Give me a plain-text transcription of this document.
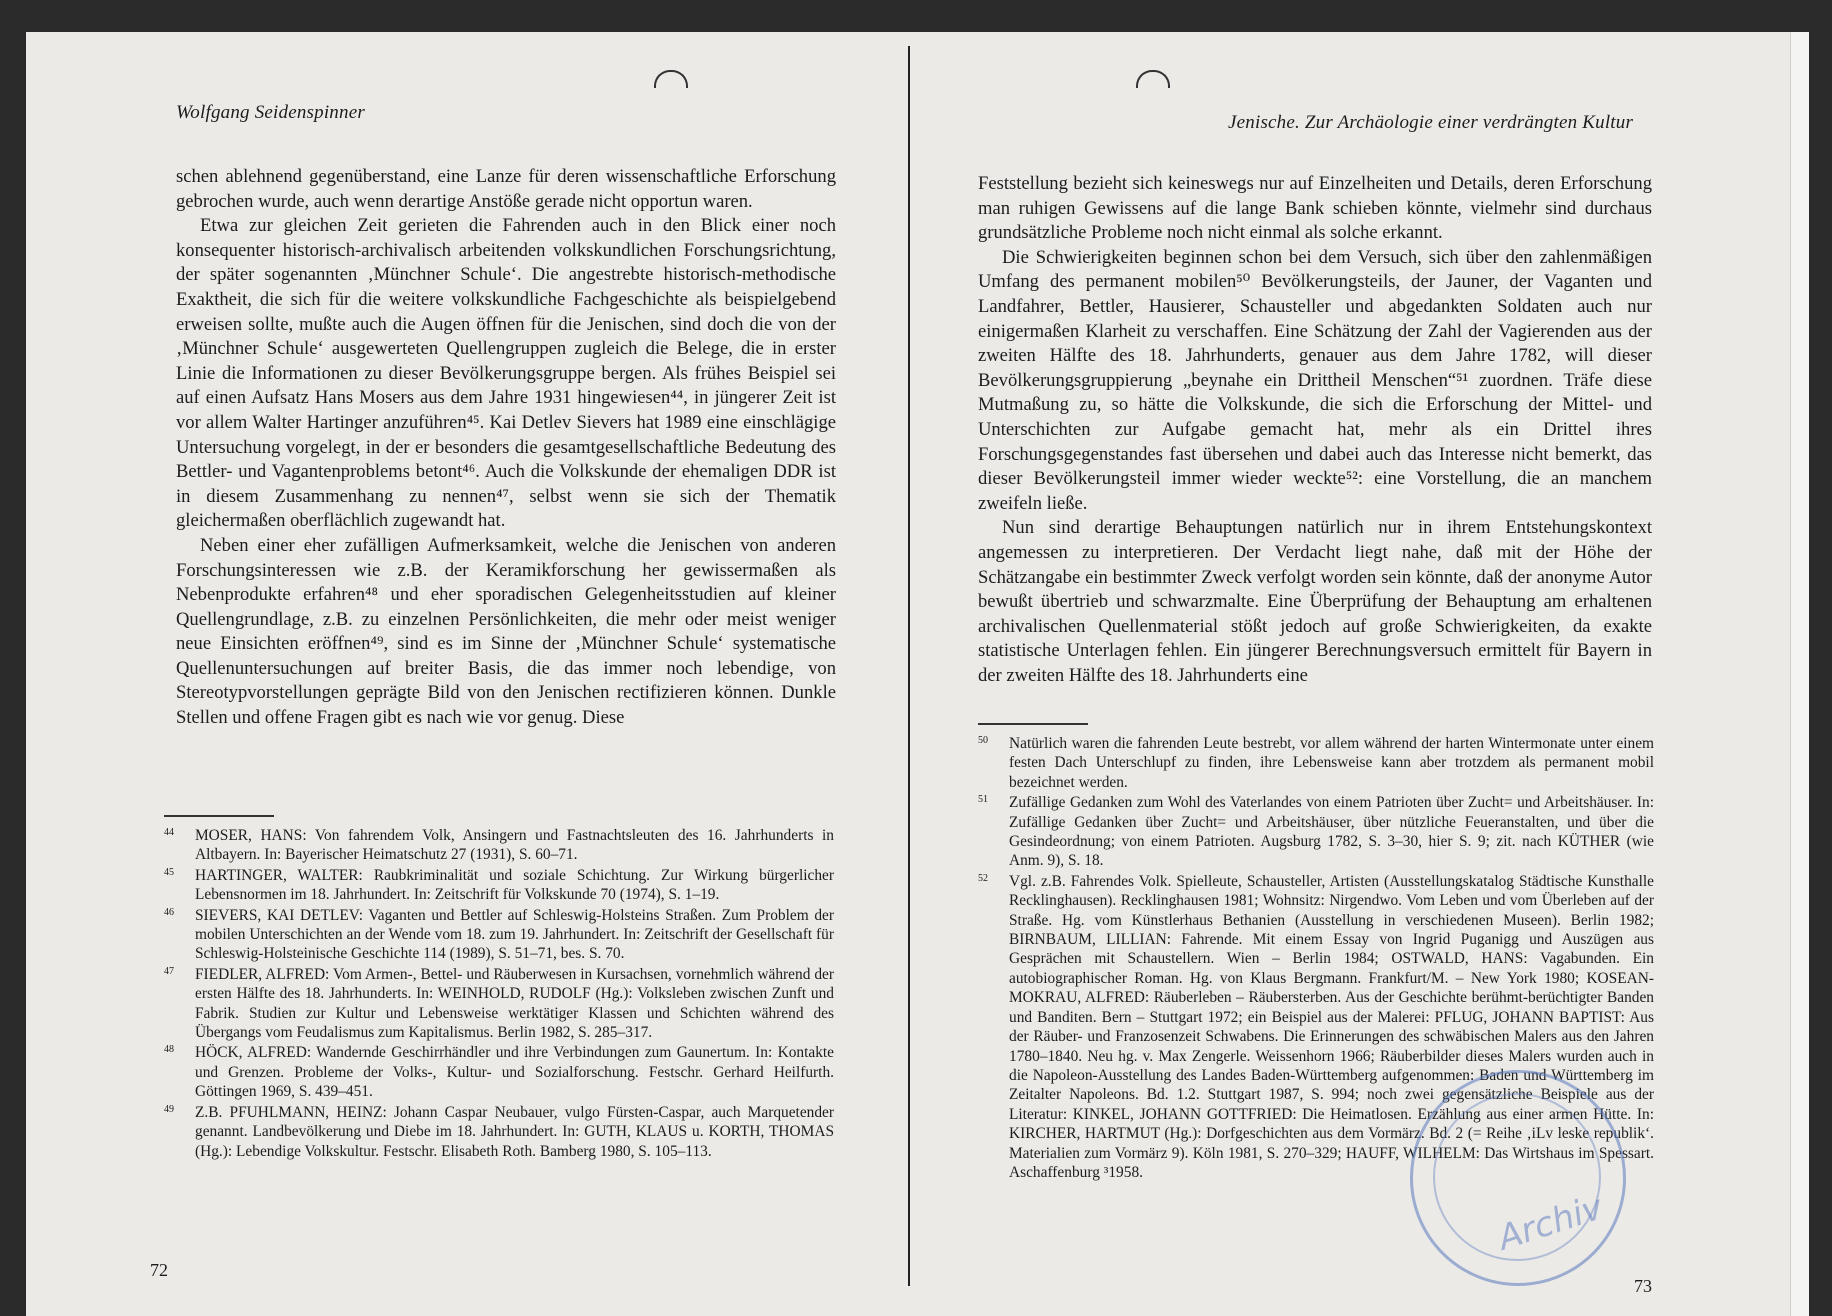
Wolfgang Seidenspinner

schen ablehnend gegenüberstand, eine Lanze für deren wissenschaftliche Erforschung gebrochen wurde, auch wenn derartige Anstöße gerade nicht opportun waren.

Etwa zur gleichen Zeit gerieten die Fahrenden auch in den Blick einer noch konsequenter historisch-archivalisch arbeitenden volkskundlichen Forschungsrichtung, der später sogenannten ‚Münchner Schule‘. Die angestrebte historisch-methodische Exaktheit, die sich für die weitere volkskundliche Fachgeschichte als beispielgebend erweisen sollte, mußte auch die Augen öffnen für die Jenischen, sind doch die von der ‚Münchner Schule‘ ausgewerteten Quellengruppen zugleich die Belege, die in erster Linie die Informationen zu dieser Bevölkerungsgruppe bergen. Als frühes Beispiel sei auf einen Aufsatz Hans Mosers aus dem Jahre 1931 hingewiesen⁴⁴, in jüngerer Zeit ist vor allem Walter Hartinger anzuführen⁴⁵. Kai Detlev Sievers hat 1989 eine einschlägige Untersuchung vorgelegt, in der er besonders die gesamtgesellschaftliche Bedeutung des Bettler- und Vagantenproblems betont⁴⁶. Auch die Volkskunde der ehemaligen DDR ist in diesem Zusammenhang zu nennen⁴⁷, selbst wenn sie sich der Thematik gleichermaßen oberflächlich zugewandt hat.

Neben einer eher zufälligen Aufmerksamkeit, welche die Jenischen von anderen Forschungsinteressen wie z.B. der Keramikforschung her gewissermaßen als Nebenprodukte erfahren⁴⁸ und eher sporadischen Gelegenheitsstudien auf kleiner Quellengrundlage, z.B. zu einzelnen Persönlichkeiten, die mehr oder meist weniger neue Einsichten eröffnen⁴⁹, sind es im Sinne der ‚Münchner Schule‘ systematische Quellenuntersuchungen auf breiter Basis, die das immer noch lebendige, von Stereotypvorstellungen geprägte Bild von den Jenischen rectifizieren können. Dunkle Stellen und offene Fragen gibt es nach wie vor genug. Diese

44 MOSER, HANS: Von fahrendem Volk, Ansingern und Fastnachtsleuten des 16. Jahrhunderts in Altbayern. In: Bayerischer Heimatschutz 27 (1931), S. 60–71.
45 HARTINGER, WALTER: Raubkriminalität und soziale Schichtung. Zur Wirkung bürgerlicher Lebensnormen im 18. Jahrhundert. In: Zeitschrift für Volkskunde 70 (1974), S. 1–19.
46 SIEVERS, KAI DETLEV: Vaganten und Bettler auf Schleswig-Holsteins Straßen. Zum Problem der mobilen Unterschichten an der Wende vom 18. zum 19. Jahrhundert. In: Zeitschrift der Gesellschaft für Schleswig-Holsteinische Geschichte 114 (1989), S. 51–71, bes. S. 70.
47 FIEDLER, ALFRED: Vom Armen-, Bettel- und Räuberwesen in Kursachsen, vornehmlich während der ersten Hälfte des 18. Jahrhunderts. In: WEINHOLD, RUDOLF (Hg.): Volksleben zwischen Zunft und Fabrik. Studien zur Kultur und Lebensweise werktätiger Klassen und Schichten während des Übergangs vom Feudalismus zum Kapitalismus. Berlin 1982, S. 285–317.
48 HÖCK, ALFRED: Wandernde Geschirrhändler und ihre Verbindungen zum Gaunertum. In: Kontakte und Grenzen. Probleme der Volks-, Kultur- und Sozialforschung. Festschr. Gerhard Heilfurth. Göttingen 1969, S. 439–451.
49 Z.B. PFUHLMANN, HEINZ: Johann Caspar Neubauer, vulgo Fürsten-Caspar, auch Marquetender genannt. Landbevölkerung und Diebe im 18. Jahrhundert. In: GUTH, KLAUS u. KORTH, THOMAS (Hg.): Lebendige Volkskultur. Festschr. Elisabeth Roth. Bamberg 1980, S. 105–113.
72
Jenische. Zur Archäologie einer verdrängten Kultur

Feststellung bezieht sich keineswegs nur auf Einzelheiten und Details, deren Erforschung man ruhigen Gewissens auf die lange Bank schieben könnte, vielmehr sind durchaus grundsätzliche Probleme noch nicht einmal als solche erkannt.

Die Schwierigkeiten beginnen schon bei dem Versuch, sich über den zahlenmäßigen Umfang des permanent mobilen⁵⁰ Bevölkerungsteils, der Jauner, der Vaganten und Landfahrer, Bettler, Hausierer, Schausteller und abgedankten Soldaten auch nur einigermaßen Klarheit zu verschaffen. Eine Schätzung der Zahl der Vagierenden aus der zweiten Hälfte des 18. Jahrhunderts, genauer aus dem Jahre 1782, will dieser Bevölkerungsgruppierung „beynahe ein Drittheil Menschen“⁵¹ zuordnen. Träfe diese Mutmaßung zu, so hätte die Volkskunde, die sich die Erforschung der Mittel- und Unterschichten zur Aufgabe gemacht hat, mehr als ein Drittel ihres Forschungsgegenstandes fast übersehen und dabei auch das Interesse nicht bemerkt, das dieser Bevölkerungsteil immer wieder weckte⁵²: eine Vorstellung, die an manchem zweifeln ließe.

Nun sind derartige Behauptungen natürlich nur in ihrem Entstehungskontext angemessen zu interpretieren. Der Verdacht liegt nahe, daß mit der Höhe der Schätzangabe ein bestimmter Zweck verfolgt worden sein könnte, daß der anonyme Autor bewußt übertrieb und schwarzmalte. Eine Überprüfung der Behauptung am erhaltenen archivalischen Quellenmaterial stößt jedoch auf große Schwierigkeiten, da exakte statistische Unterlagen fehlen. Ein jüngerer Berechnungsversuch ermittelt für Bayern in der zweiten Hälfte des 18. Jahrhunderts eine

50 Natürlich waren die fahrenden Leute bestrebt, vor allem während der harten Wintermonate unter einem festen Dach Unterschlupf zu finden, ihre Lebensweise kann aber trotzdem als permanent mobil bezeichnet werden.
51 Zufällige Gedanken zum Wohl des Vaterlandes von einem Patrioten über Zucht= und Arbeitshäuser. In: Zufällige Gedanken über Zucht= und Arbeitshäuser, über nützliche Feueranstalten, und über die Gesindeordnung; von einem Patrioten. Augsburg 1782, S. 3–30, hier S. 9; zit. nach KÜTHER (wie Anm. 9), S. 18.
52 Vgl. z.B. Fahrendes Volk. Spielleute, Schausteller, Artisten (Ausstellungskatalog Städtische Kunsthalle Recklinghausen). Recklinghausen 1981; Wohnsitz: Nirgendwo. Vom Leben und vom Überleben auf der Straße. Hg. vom Künstlerhaus Bethanien (Ausstellung in verschiedenen Museen). Berlin 1982; BIRNBAUM, LILLIAN: Fahrende. Mit einem Essay von Ingrid Puganigg und Auszügen aus Gesprächen mit Schaustellern. Wien – Berlin 1984; OSTWALD, HANS: Vagabunden. Ein autobiographischer Roman. Hg. von Klaus Bergmann. Frankfurt/M. – New York 1980; KOSEAN-MOKRAU, ALFRED: Räuberleben – Räubersterben. Aus der Geschichte berühmt-berüchtigter Banden und Banditen. Bern – Stuttgart 1972; ein Beispiel aus der Malerei: PFLUG, JOHANN BAPTIST: Aus der Räuber- und Franzosenzeit Schwabens. Die Erinnerungen des schwäbischen Malers aus den Jahren 1780–1840. Neu hg. v. Max Zengerle. Weissenhorn 1966; Räuberbilder dieses Malers wurden auch in die Napoleon-Ausstellung des Landes Baden-Württemberg aufgenommen: Baden und Württemberg im Zeitalter Napoleons. Bd. 1.2. Stuttgart 1987, S. 994; noch zwei gegensätzliche Beispiele aus der Literatur: KINKEL, JOHANN GOTTFRIED: Die Heimatlosen. Erzählung aus einer armen Hütte. In: KIRCHER, HARTMUT (Hg.): Dorfgeschichten aus dem Vormärz. Bd. 2 (= Reihe ‚iLv leske republik‘. Materialien zum Vormärz 9). Köln 1981, S. 270–329; HAUFF, WILHELM: Das Wirtshaus im Spessart. Aschaffenburg ³1958.
73
Archiv
